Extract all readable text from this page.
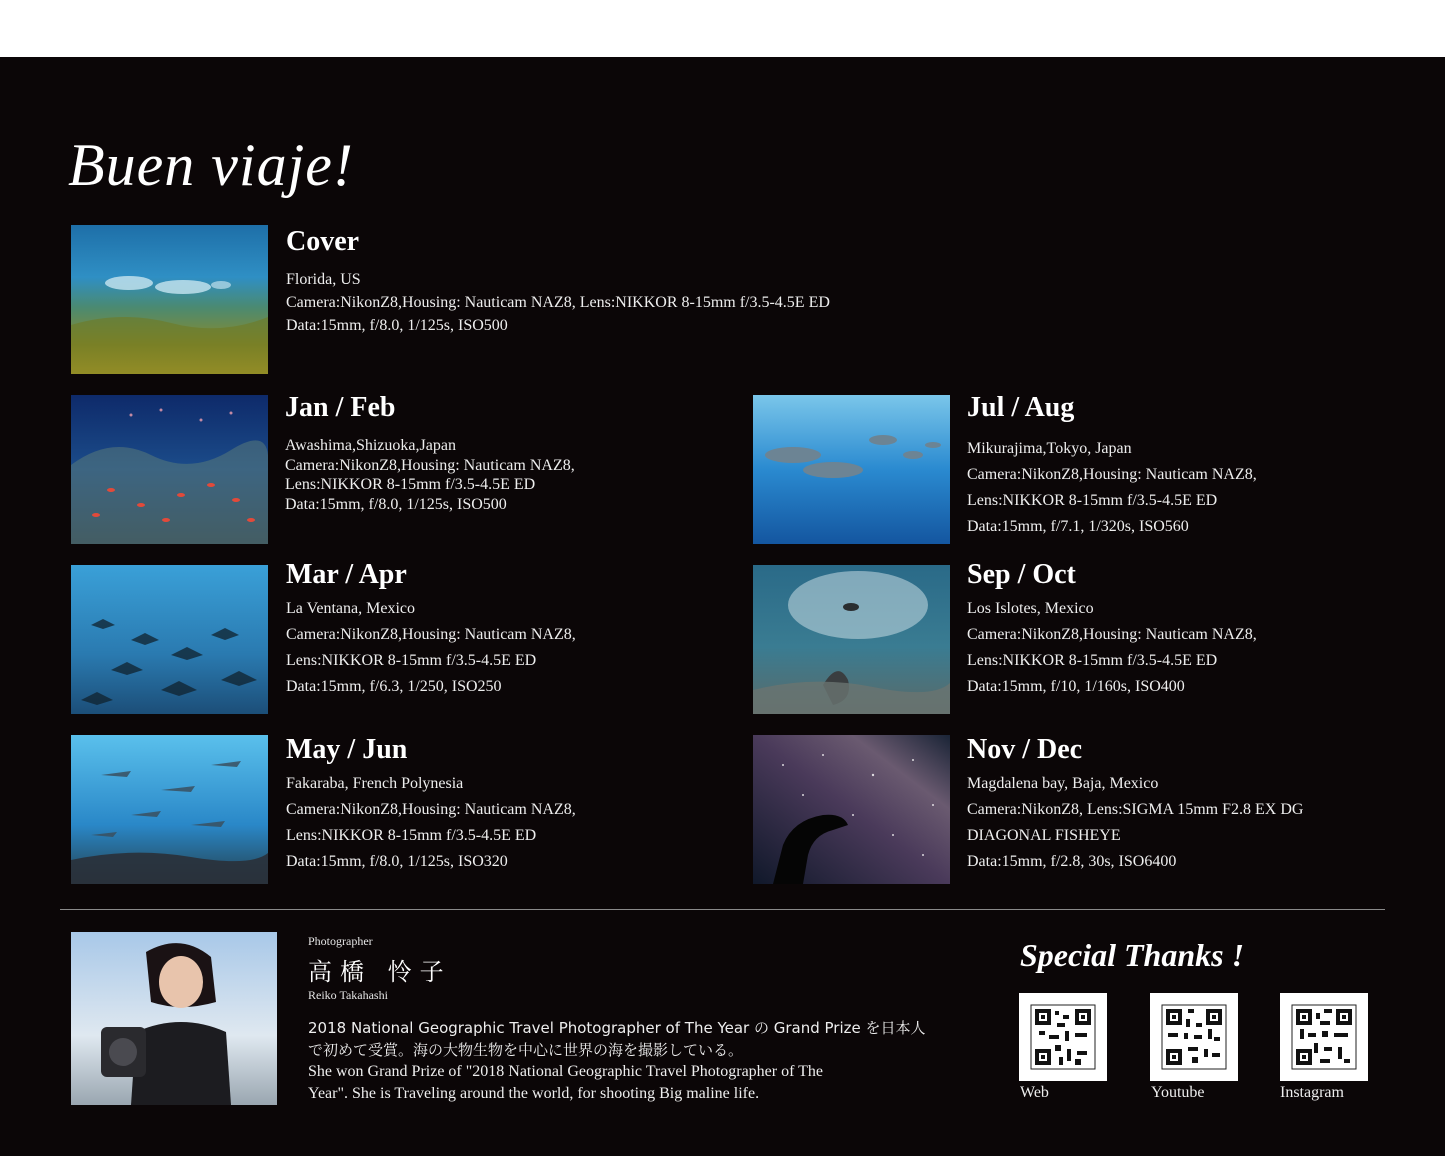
Buen viaje!
Cover
Florida, US
Camera:NikonZ8,Housing: Nauticam NAZ8, Lens:NIKKOR 8-15mm f/3.5-4.5E ED
Data:15mm, f/8.0, 1/125s, ISO500
Jan / Feb
Awashima,Shizuoka,Japan
Camera:NikonZ8,Housing: Nauticam NAZ8,
Lens:NIKKOR 8-15mm f/3.5-4.5E ED
Data:15mm, f/8.0, 1/125s, ISO500
Mar / Apr
La Ventana, Mexico
Camera:NikonZ8,Housing: Nauticam NAZ8,
Lens:NIKKOR 8-15mm f/3.5-4.5E ED
Data:15mm, f/6.3, 1/250, ISO250
May / Jun
Fakaraba, French Polynesia
Camera:NikonZ8,Housing: Nauticam NAZ8,
Lens:NIKKOR 8-15mm f/3.5-4.5E ED
Data:15mm, f/8.0, 1/125s, ISO320
Jul / Aug
Mikurajima,Tokyo, Japan
Camera:NikonZ8,Housing: Nauticam NAZ8,
Lens:NIKKOR 8-15mm f/3.5-4.5E ED
Data:15mm, f/7.1, 1/320s, ISO560
Sep / Oct
Los Islotes, Mexico
Camera:NikonZ8,Housing: Nauticam NAZ8,
Lens:NIKKOR 8-15mm f/3.5-4.5E ED
Data:15mm, f/10, 1/160s, ISO400
Nov / Dec
Magdalena bay, Baja, Mexico
Camera:NikonZ8, Lens:SIGMA 15mm F2.8 EX DG
DIAGONAL FISHEYE
Data:15mm, f/2.8, 30s, ISO6400
Photographer
高橋 怜子
Reiko Takahashi
2018 National Geographic Travel Photographer of The Year の Grand Prize を日本人
で初めて受賞。海の大物生物を中心に世界の海を撮影している。
She won Grand Prize of "2018 National Geographic Travel Photographer of The
Year". She is Traveling around the world, for shooting Big maline life.
Special Thanks !
Web	Youtube	Instagram
